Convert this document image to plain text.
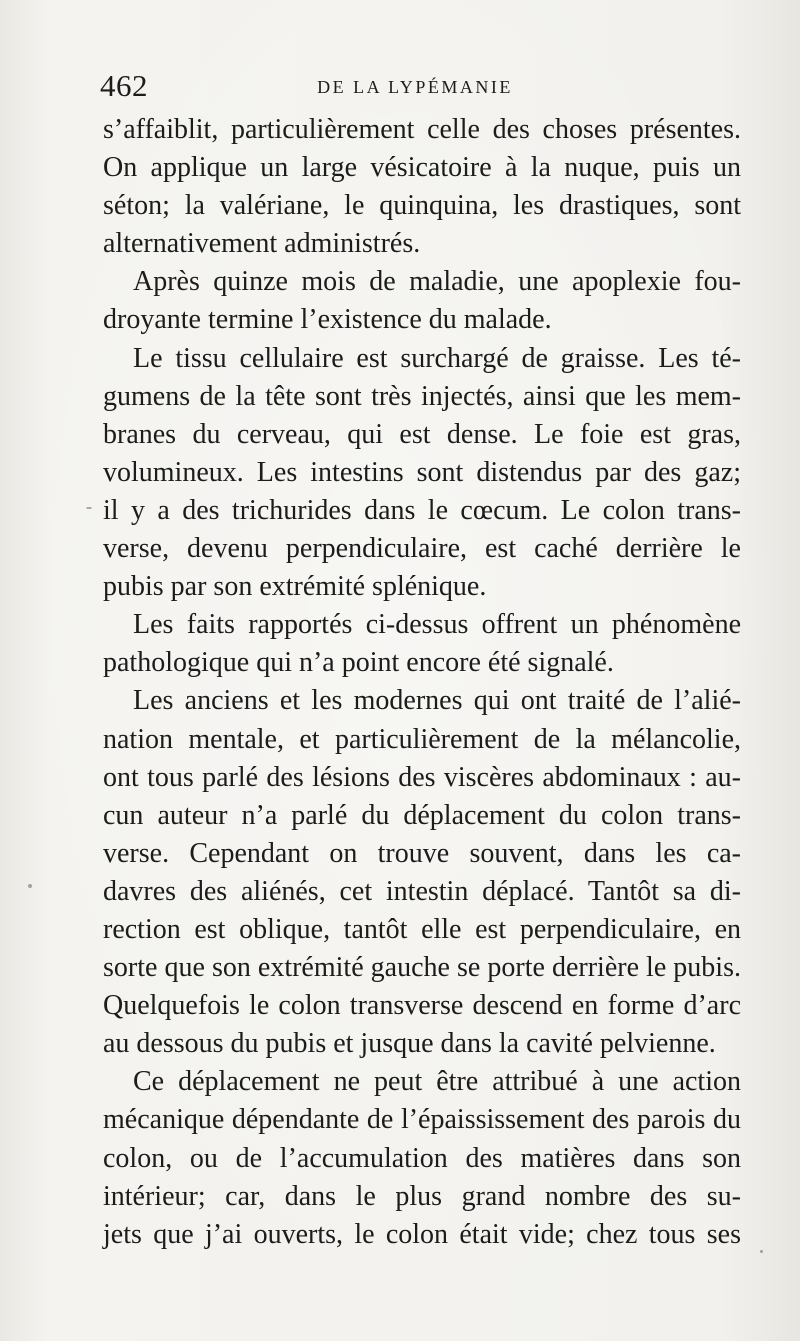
462	DE LA LYPÉMANIE
s’affaiblit, particulièrement celle des choses présentes.
On applique un large vésicatoire à la nuque, puis un
séton; la valériane, le quinquina, les drastiques, sont
alternativement administrés.
Après quinze mois de maladie, une apoplexie fou-
droyante termine l’existence du malade.
Le tissu cellulaire est surchargé de graisse. Les té-
gumens de la tête sont très injectés, ainsi que les mem-
branes du cerveau, qui est dense. Le foie est gras,
volumineux. Les intestins sont distendus par des gaz;
il y a des trichurides dans le cœcum. Le colon trans-
verse, devenu perpendiculaire, est caché derrière le
pubis par son extrémité splénique.
Les faits rapportés ci-dessus offrent un phénomène
pathologique qui n’a point encore été signalé.
Les anciens et les modernes qui ont traité de l’alié-
nation mentale, et particulièrement de la mélancolie,
ont tous parlé des lésions des viscères abdominaux : au-
cun auteur n’a parlé du déplacement du colon trans-
verse. Cependant on trouve souvent, dans les ca-
davres des aliénés, cet intestin déplacé. Tantôt sa di-
rection est oblique, tantôt elle est perpendiculaire, en
sorte que son extrémité gauche se porte derrière le pubis.
Quelquefois le colon transverse descend en forme d’arc
au dessous du pubis et jusque dans la cavité pelvienne.
Ce déplacement ne peut être attribué à une action
mécanique dépendante de l’épaississement des parois du
colon, ou de l’accumulation des matières dans son
intérieur; car, dans le plus grand nombre des su-
jets que j’ai ouverts, le colon était vide; chez tous ses
